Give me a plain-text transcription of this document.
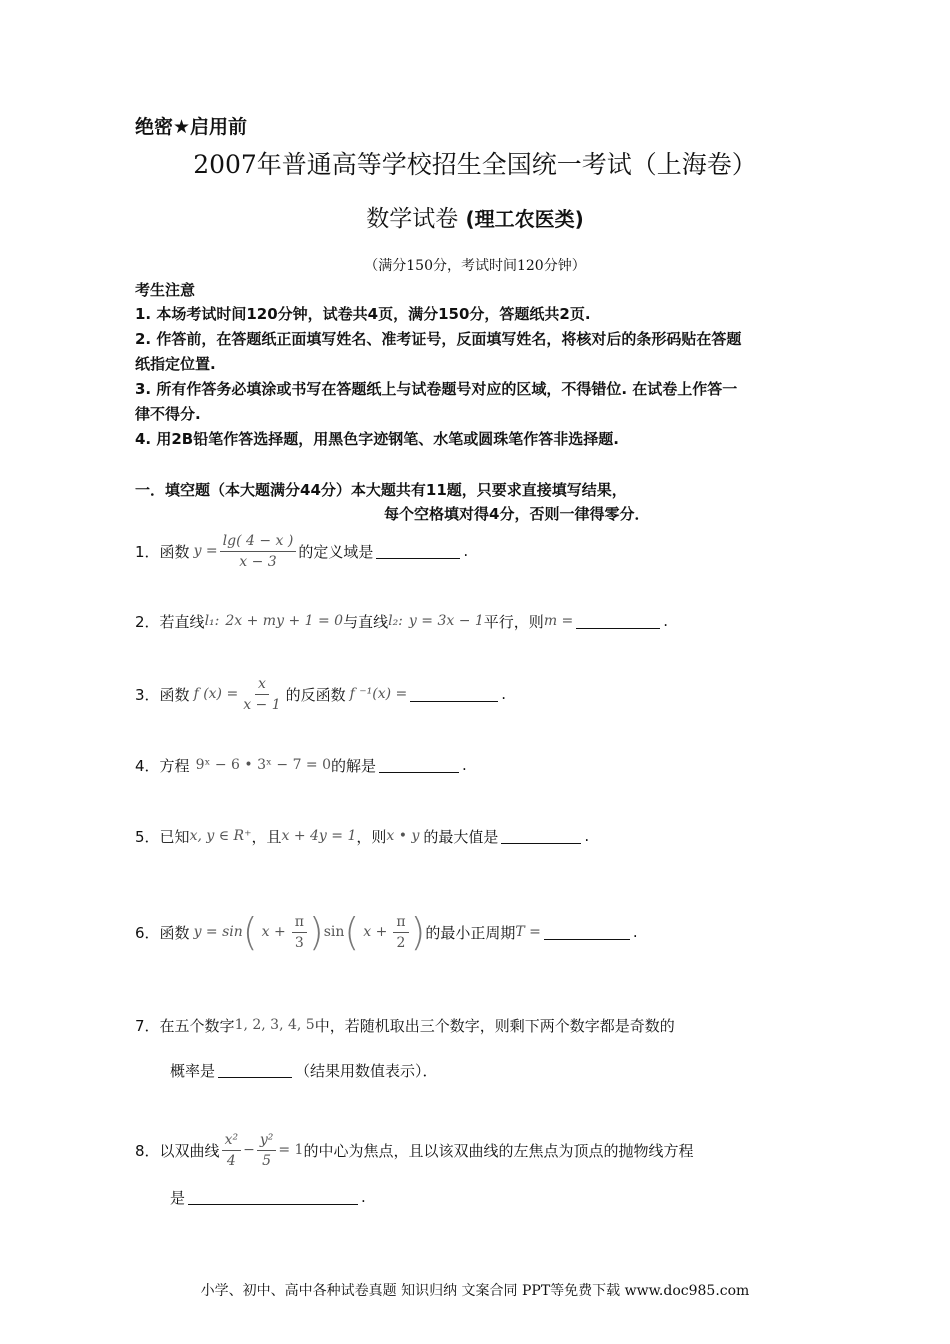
绝密★启用前
2007年普通高等学校招生全国统一考试（上海卷）
数学试卷 (理工农医类)
（满分150分，考试时间120分钟）
考生注意
1. 本场考试时间120分钟，试卷共4页，满分150分，答题纸共2页.
2. 作答前，在答题纸正面填写姓名、准考证号，反面填写姓名，将核对后的条形码贴在答题
纸指定位置.
3. 所有作答务必填涂或书写在答题纸上与试卷题号对应的区域，不得错位. 在试卷上作答一
律不得分.
4. 用2B铅笔作答选择题，用黑色字迹钢笔、水笔或圆珠笔作答非选择题.
一．填空题（本大题满分44分）本大题共有11题，只要求直接填写结果，
每个空格填对得4分，否则一律得零分．
1． 函数 $y = \frac{\lg( 4 - x )}{x - 3}$ 的定义域是	.
2． 若直线 l₁: 2x + my + 1 = 0 与直线 l₂: y = 3x − 1 平行，则 m =	.
3． 函数 f $(x) = \frac{x}{x - 1}$ 的反函数 f ⁻¹(x) =	.
4． 方程 9ˣ − 6 • 3ˣ − 7 = 0 的解是	.
5． 已知 x, y ∈ R⁺ ，且 x + 4y = 1 ，则 x • y 的最大值是	.
6． 函数 y = sin ( $x + \frac{\pi}{3}$ ) sin ( $x + \frac{\pi}{2}$ ) 的最小正周期 T =	.
7． 在五个数字 1, 2, 3, 4, 5 中，若随机取出三个数字，则剩下两个数字都是奇数的
概率是	（结果用数值表示）．
8． 以双曲线 $\frac{\text{x²}}{4} - \frac{\text{y²}}{5} = 1$ 的中心为焦点，且以该双曲线的左焦点为顶点的抛物线方程
是	.
小学、初中、高中各种试卷真题 知识归纳 文案合同 PPT等免费下载 www.doc985.com
